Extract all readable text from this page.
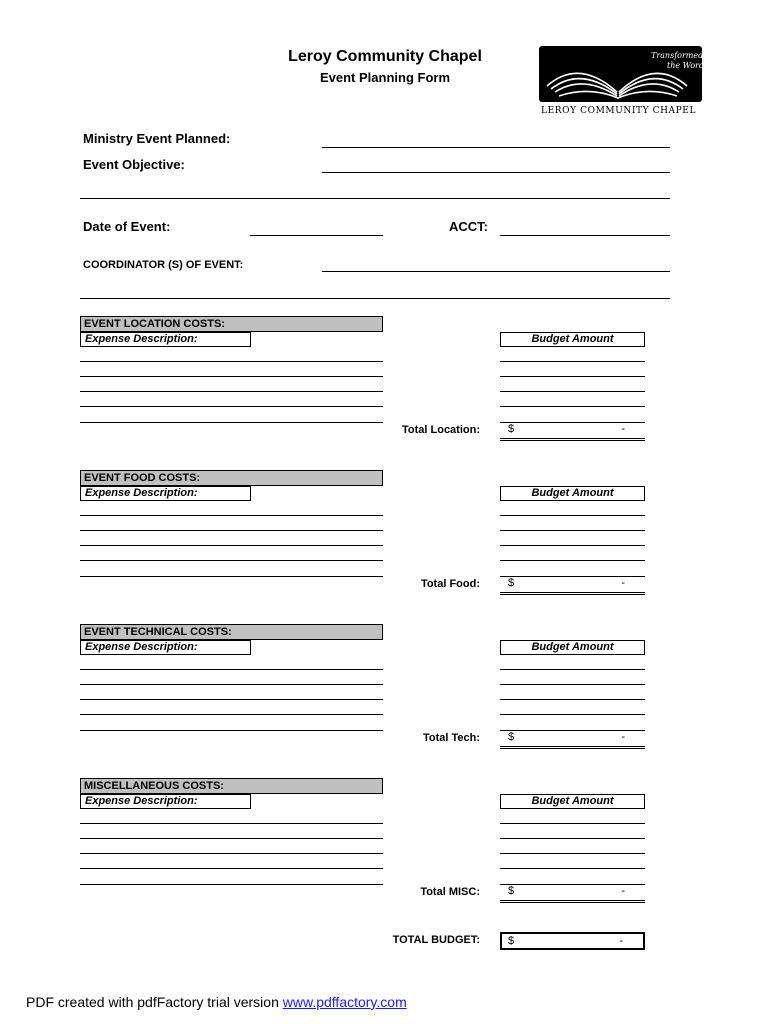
Leroy Community Chapel
Event Planning Form
Transformed by
the Word
LEROY COMMUNITY CHAPEL
Ministry Event Planned:
Event Objective:
Date of Event:	ACCT:
COORDINATOR (S) OF EVENT:
EVENT LOCATION COSTS:
Expense Description:	Budget Amount
Total Location:	$	-
EVENT FOOD COSTS:
Expense Description:	Budget Amount
Total Food:	$	-
EVENT TECHNICAL COSTS:
Expense Description:	Budget Amount
Total Tech:	$	-
MISCELLANEOUS COSTS:
Expense Description:	Budget Amount
Total MISC:	$	-
TOTAL BUDGET:	$	-
PDF created with pdfFactory trial version www.pdffactory.com
